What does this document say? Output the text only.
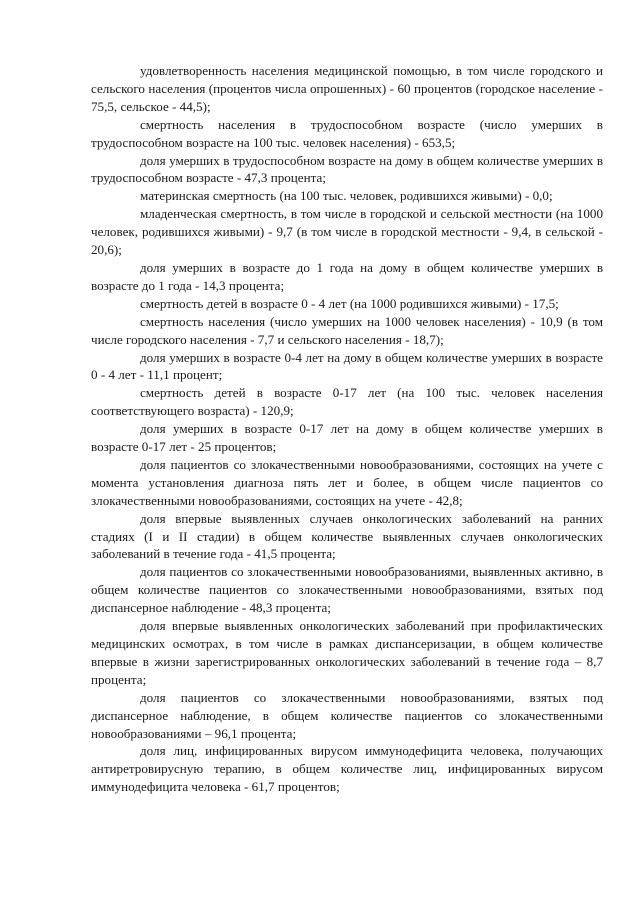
удовлетворенность населения медицинской помощью, в том числе городского и сельского населения (процентов числа опрошенных) - 60 процентов (городское население - 75,5, сельское - 44,5);

смертность населения в трудоспособном возрасте (число умерших в трудоспособном возрасте на 100 тыс. человек населения) - 653,5;

доля умерших в трудоспособном возрасте на дому в общем количестве умерших в трудоспособном возрасте - 47,3 процента;

материнская смертность (на 100 тыс. человек, родившихся живыми) - 0,0;

младенческая смертность, в том числе в городской и сельской местности (на 1000 человек, родившихся живыми) - 9,7 (в том числе в городской местности - 9,4, в сельской - 20,6);

доля умерших в возрасте до 1 года на дому в общем количестве умерших в возрасте до 1 года - 14,3 процента;

смертность детей в возрасте 0 - 4 лет (на 1000 родившихся живыми) - 17,5;

смертность населения (число умерших на 1000 человек населения) - 10,9 (в том числе городского населения - 7,7 и сельского населения - 18,7);

доля умерших в возрасте 0-4 лет на дому в общем количестве умерших в возрасте 0 - 4 лет - 11,1 процент;

смертность детей в возрасте 0-17 лет (на 100 тыс. человек населения соответствующего возраста) - 120,9;

доля умерших в возрасте 0-17 лет на дому в общем количестве умерших в возрасте 0-17 лет - 25 процентов;

доля пациентов со злокачественными новообразованиями, состоящих на учете с момента установления диагноза пять лет и более, в общем числе пациентов со злокачественными новообразованиями, состоящих на учете - 42,8;

доля впервые выявленных случаев онкологических заболеваний на ранних стадиях (I и II стадии) в общем количестве выявленных случаев онкологических заболеваний в течение года - 41,5 процента;

доля пациентов со злокачественными новообразованиями, выявленных активно, в общем количестве пациентов со злокачественными новообразованиями, взятых под диспансерное наблюдение - 48,3 процента;

доля впервые выявленных онкологических заболеваний при профилактических медицинских осмотрах, в том числе в рамках диспансеризации, в общем количестве впервые в жизни зарегистрированных онкологических заболеваний в течение года – 8,7 процента;

доля пациентов со злокачественными новообразованиями, взятых под диспансерное наблюдение, в общем количестве пациентов со злокачественными новообразованиями – 96,1 процента;

доля лиц, инфицированных вирусом иммунодефицита человека, получающих антиретровирусную терапию, в общем количестве лиц, инфицированных вирусом иммунодефицита человека - 61,7 процентов;
